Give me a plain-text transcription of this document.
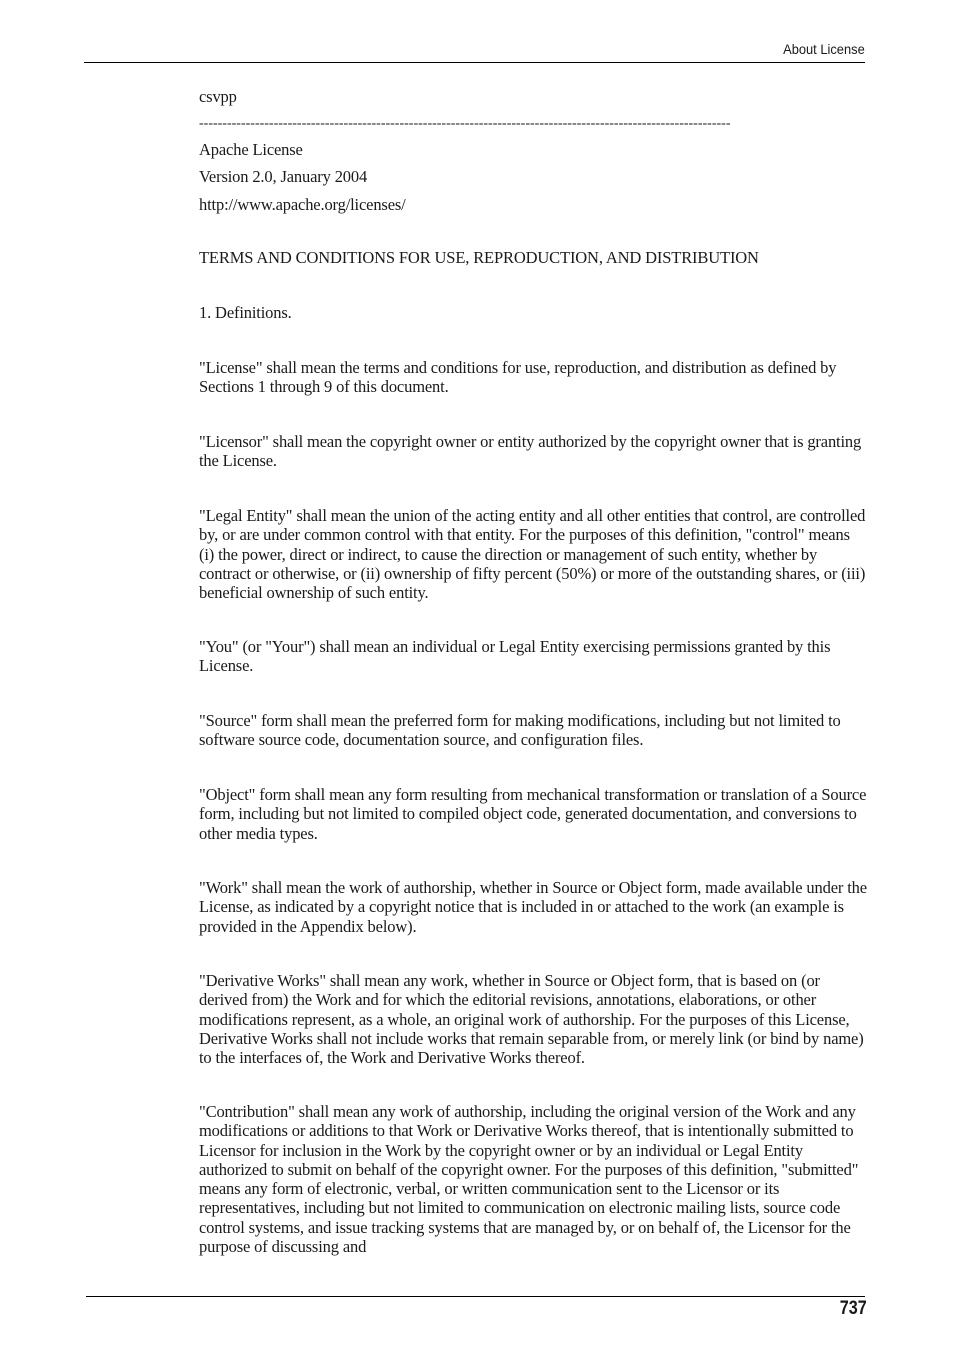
About License
csvpp
------------------------------------------------------------------------------------------------------------------
Apache License
Version 2.0, January 2004
http://www.apache.org/licenses/
TERMS AND CONDITIONS FOR USE, REPRODUCTION, AND DISTRIBUTION
1. Definitions.
"License" shall mean the terms and conditions for use, reproduction, and distribution as defined by Sections 1 through 9 of this document.
"Licensor" shall mean the copyright owner or entity authorized by the copyright owner that is granting the License.
"Legal Entity" shall mean the union of the acting entity and all other entities that control, are controlled by, or are under common control with that entity. For the purposes of this definition, "control" means (i) the power, direct or indirect, to cause the direction or management of such entity, whether by contract or otherwise, or (ii) ownership of fifty percent (50%) or more of the outstanding shares, or (iii) beneficial ownership of such entity.
"You" (or "Your") shall mean an individual or Legal Entity exercising permissions granted by this License.
"Source" form shall mean the preferred form for making modifications, including but not limited to software source code, documentation source, and configuration files.
"Object" form shall mean any form resulting from mechanical transformation or translation of a Source form, including but not limited to compiled object code, generated documentation, and conversions to other media types.
"Work" shall mean the work of authorship, whether in Source or Object form, made available under the License, as indicated by a copyright notice that is included in or attached to the work (an example is provided in the Appendix below).
"Derivative Works" shall mean any work, whether in Source or Object form, that is based on (or derived from) the Work and for which the editorial revisions, annotations, elaborations, or other modifications represent, as a whole, an original work of authorship. For the purposes of this License, Derivative Works shall not include works that remain separable from, or merely link (or bind by name) to the interfaces of, the Work and Derivative Works thereof.
"Contribution" shall mean any work of authorship, including the original version of the Work and any modifications or additions to that Work or Derivative Works thereof, that is intentionally submitted to Licensor for inclusion in the Work by the copyright owner or by an individual or Legal Entity authorized to submit on behalf of the copyright owner. For the purposes of this definition, "submitted" means any form of electronic, verbal, or written communication sent to the Licensor or its representatives, including but not limited to communication on electronic mailing lists, source code control systems, and issue tracking systems that are managed by, or on behalf of, the Licensor for the purpose of discussing and
737
